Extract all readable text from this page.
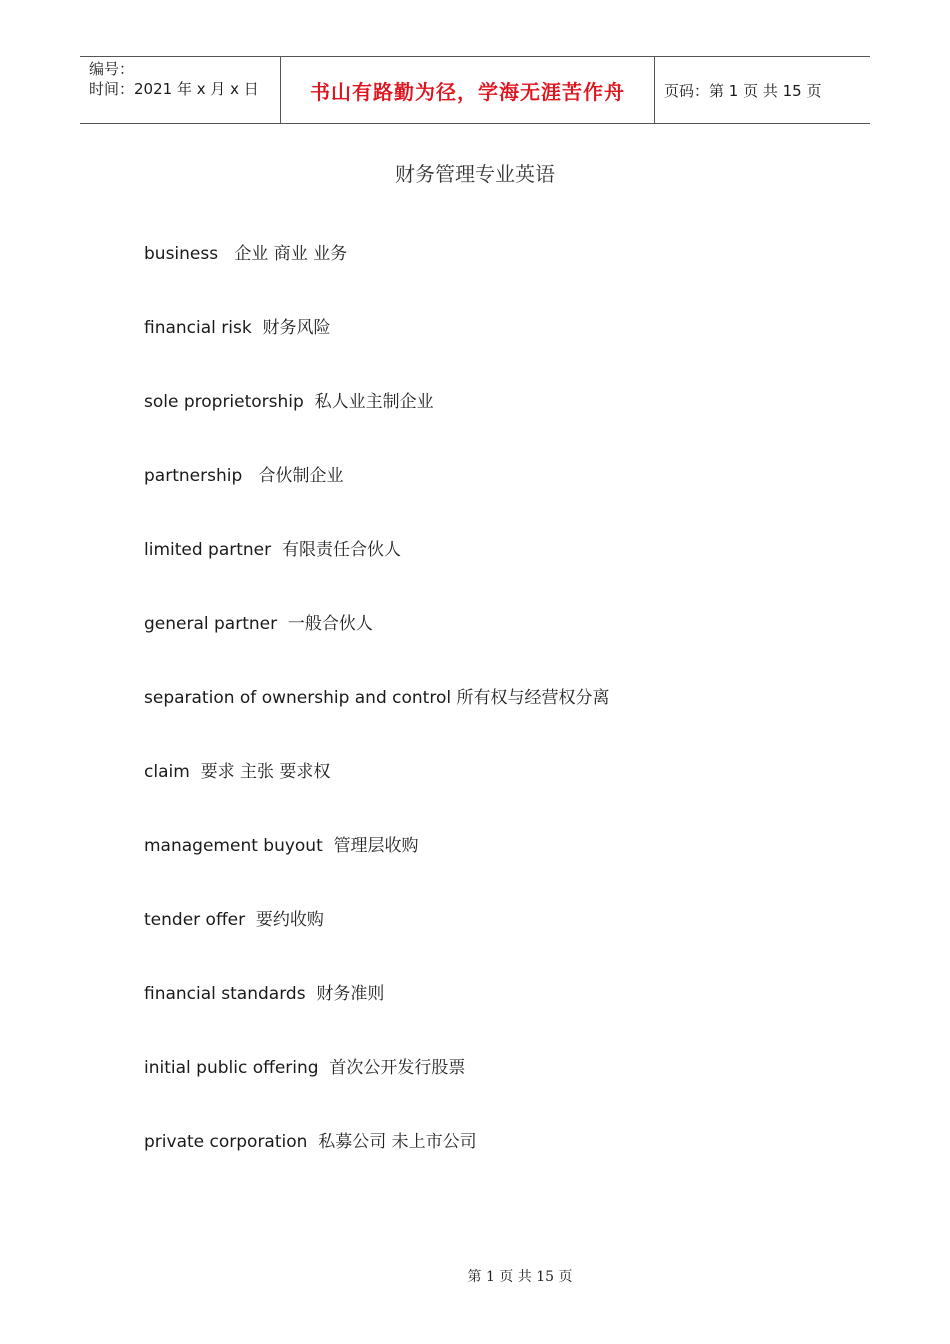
编号：
时间：2021 年 x 月 x 日	书山有路勤为径，学海无涯苦作舟	页码：第 1 页 共 15 页
财务管理专业英语
business 企业 商业 业务
financial risk 财务风险
sole proprietorship 私人业主制企业
partnership 合伙制企业
limited partner 有限责任合伙人
general partner 一般合伙人
separation of ownership and control 所有权与经营权分离
claim 要求 主张 要求权
management buyout 管理层收购
tender offer 要约收购
financial standards 财务准则
initial public offering 首次公开发行股票
private corporation 私募公司 未上市公司
第 1 页 共 15 页
